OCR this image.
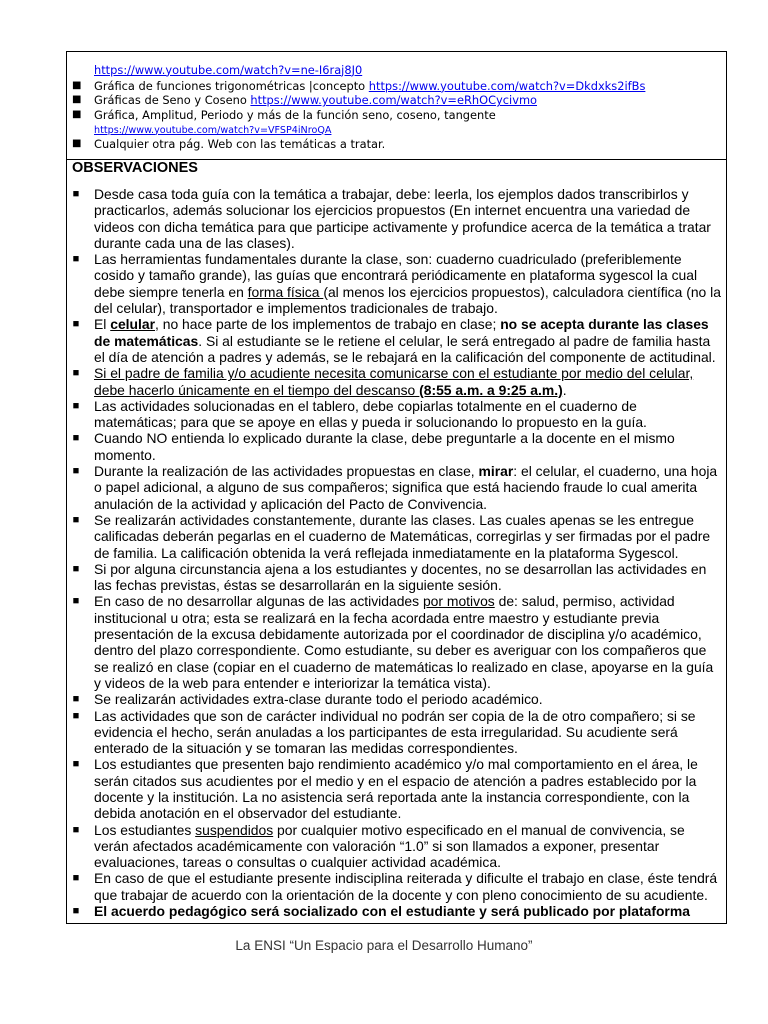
https://www.youtube.com/watch?v=ne-I6raj8J0
■ Gráfica de funciones trigonométricas |concepto https://www.youtube.com/watch?v=Dkdxks2ifBs
■ Gráficas de Seno y Coseno https://www.youtube.com/watch?v=eRhOCycivmo
■ Gráfica, Amplitud, Periodo y más de la función seno, coseno, tangente
https://www.youtube.com/watch?v=VFSP4iNroQA
■ Cualquier otra pág. Web con las temáticas a tratar.

OBSERVACIONES
■ Desde casa toda guía con la temática a trabajar, debe: leerla, los ejemplos dados transcribirlos y practicarlos, además solucionar los ejercicios propuestos (En internet encuentra una variedad de videos con dicha temática para que participe activamente y profundice acerca de la temática a tratar durante cada una de las clases).
■ Las herramientas fundamentales durante la clase, son: cuaderno cuadriculado (preferiblemente cosido y tamaño grande), las guías que encontrará periódicamente en plataforma sygescol la cual debe siempre tenerla en forma física (al menos los ejercicios propuestos), calculadora científica (no la del celular), transportador e implementos tradicionales de trabajo.
■ El celular, no hace parte de los implementos de trabajo en clase; no se acepta durante las clases de matemáticas. Si al estudiante se le retiene el celular, le será entregado al padre de familia hasta el día de atención a padres y además, se le rebajará en la calificación del componente de actitudinal.
■ Si el padre de familia y/o acudiente necesita comunicarse con el estudiante por medio del celular, debe hacerlo únicamente en el tiempo del descanso (8:55 a.m. a 9:25 a.m.).
■ Las actividades solucionadas en el tablero, debe copiarlas totalmente en el cuaderno de matemáticas; para que se apoye en ellas y pueda ir solucionando lo propuesto en la guía.
■ Cuando NO entienda lo explicado durante la clase, debe preguntarle a la docente en el mismo momento.
■ Durante la realización de las actividades propuestas en clase, mirar: el celular, el cuaderno, una hoja o papel adicional, a alguno de sus compañeros; significa que está haciendo fraude lo cual amerita anulación de la actividad y aplicación del Pacto de Convivencia.
■ Se realizarán actividades constantemente, durante las clases. Las cuales apenas se les entregue calificadas deberán pegarlas en el cuaderno de Matemáticas, corregirlas y ser firmadas por el padre de familia. La calificación obtenida la verá reflejada inmediatamente en la plataforma Sygescol.
■ Si por alguna circunstancia ajena a los estudiantes y docentes, no se desarrollan las actividades en las fechas previstas, éstas se desarrollarán en la siguiente sesión.
■ En caso de no desarrollar algunas de las actividades por motivos de: salud, permiso, actividad institucional u otra; esta se realizará en la fecha acordada entre maestro y estudiante previa presentación de la excusa debidamente autorizada por el coordinador de disciplina y/o académico, dentro del plazo correspondiente. Como estudiante, su deber es averiguar con los compañeros que se realizó en clase (copiar en el cuaderno de matemáticas lo realizado en clase, apoyarse en la guía y videos de la web para entender e interiorizar la temática vista).
■ Se realizarán actividades extra-clase durante todo el periodo académico.
■ Las actividades que son de carácter individual no podrán ser copia de la de otro compañero; si se evidencia el hecho, serán anuladas a los participantes de esta irregularidad. Su acudiente será enterado de la situación y se tomaran las medidas correspondientes.
■ Los estudiantes que presenten bajo rendimiento académico y/o mal comportamiento en el área, le serán citados sus acudientes por el medio y en el espacio de atención a padres establecido por la docente y la institución. La no asistencia será reportada ante la instancia correspondiente, con la debida anotación en el observador del estudiante.
■ Los estudiantes suspendidos por cualquier motivo especificado en el manual de convivencia, se verán afectados académicamente con valoración “1.0” si son llamados a exponer, presentar evaluaciones, tareas o consultas o cualquier actividad académica.
■ En caso de que el estudiante presente indisciplina reiterada y dificulte el trabajo en clase, éste tendrá que trabajar de acuerdo con la orientación de la docente y con pleno conocimiento de su acudiente.
■ El acuerdo pedagógico será socializado con el estudiante y será publicado por plataforma
La ENSI “Un Espacio para el Desarrollo Humano”
